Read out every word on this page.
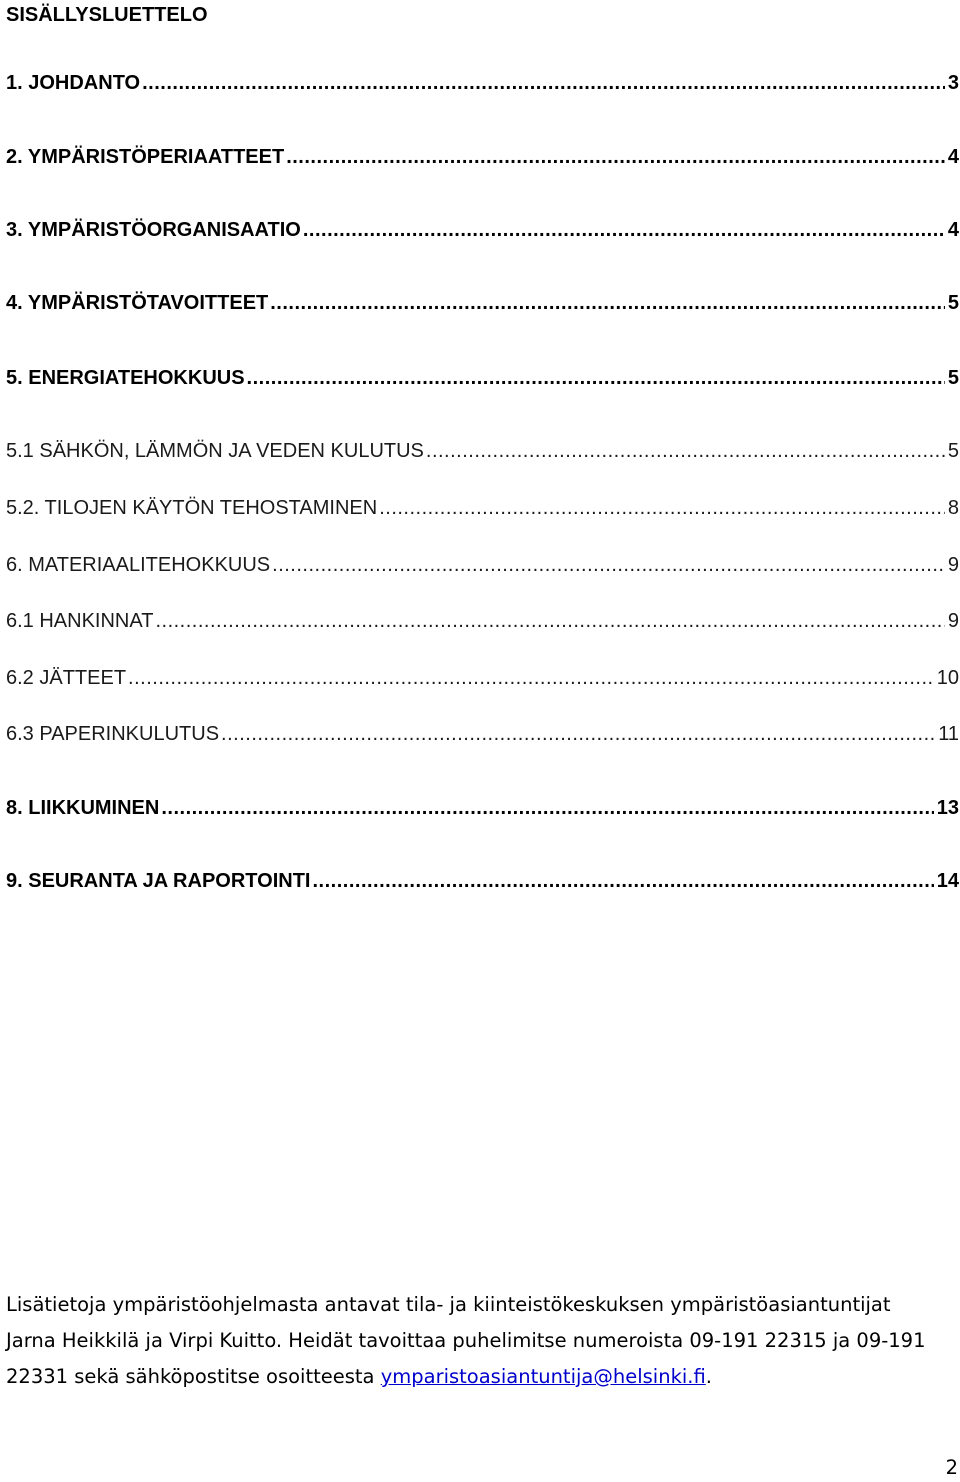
SISÄLLYSLUETTELO
1. JOHDANTO .....	3
2. YMPÄRISTÖPERIAATTEET .....	4
3. YMPÄRISTÖORGANISAATIO .....	4
4. YMPÄRISTÖTAVOITTEET .....	5
5. ENERGIATEHOKKUUS .....	5
5.1 SÄHKÖN, LÄMMÖN JA VEDEN KULUTUS .....	5
5.2. TILOJEN KÄYTÖN TEHOSTAMINEN .....	8
6. MATERIAALITEHOKKUUS .....	9
6.1 HANKINNAT .....	9
6.2 JÄTTEET .....	10
6.3 PAPERINKULUTUS .....	11
8. LIIKKUMINEN .....	13
9. SEURANTA JA RAPORTOINTI .....	14

Lisätietoja ympäristöohjelmasta antavat tila- ja kiinteistökeskuksen ympäristöasiantuntijat Jarna Heikkilä ja Virpi Kuitto. Heidät tavoittaa puhelimitse numeroista 09-191 22315 ja 09-191 22331 sekä sähköpostitse osoitteesta ymparistoasiantuntija@helsinki.fi.

2
